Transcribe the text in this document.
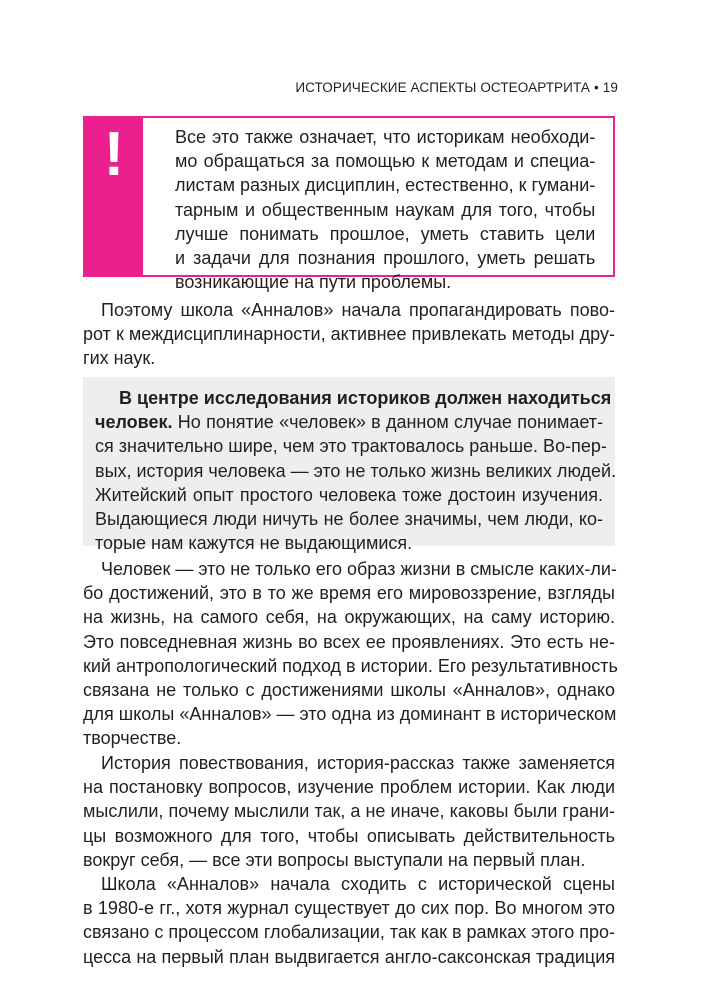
ИСТОРИЧЕСКИЕ АСПЕКТЫ ОСТЕОАРТРИТА • 19
!	Все это также означает, что историкам необходи-
мо обращаться за помощью к методам и специа-
листам разных дисциплин, естественно, к гумани-
тарным и общественным наукам для того, чтобы
лучше понимать прошлое, уметь ставить цели
и задачи для познания прошлого, уметь решать
возникающие на пути проблемы.
Поэтому школа «Анналов» начала пропагандировать пово-
рот к междисциплинарности, активнее привлекать методы дру-
гих наук.
В центре исследования историков должен находиться
человек. Но понятие «человек» в данном случае понимает-
ся значительно шире, чем это трактовалось раньше. Во-пер-
вых, история человека — это не только жизнь великих людей.
Житейский опыт простого человека тоже достоин изучения.
Выдающиеся люди ничуть не более значимы, чем люди, ко-
торые нам кажутся не выдающимися.
Человек — это не только его образ жизни в смысле каких-ли-
бо достижений, это в то же время его мировоззрение, взгляды
на жизнь, на самого себя, на окружающих, на саму историю.
Это повседневная жизнь во всех ее проявлениях. Это есть не-
кий антропологический подход в истории. Его результативность
связана не только с достижениями школы «Анналов», однако
для школы «Анналов» — это одна из доминант в историческом
творчестве.
История повествования, история-рассказ также заменяется
на постановку вопросов, изучение проблем истории. Как люди
мыслили, почему мыслили так, а не иначе, каковы были грани-
цы возможного для того, чтобы описывать действительность
вокруг себя, — все эти вопросы выступали на первый план.
Школа «Анналов» начала сходить с исторической сцены
в 1980-е гг., хотя журнал существует до сих пор. Во многом это
связано с процессом глобализации, так как в рамках этого про-
цесса на первый план выдвигается англо-саксонская традиция
